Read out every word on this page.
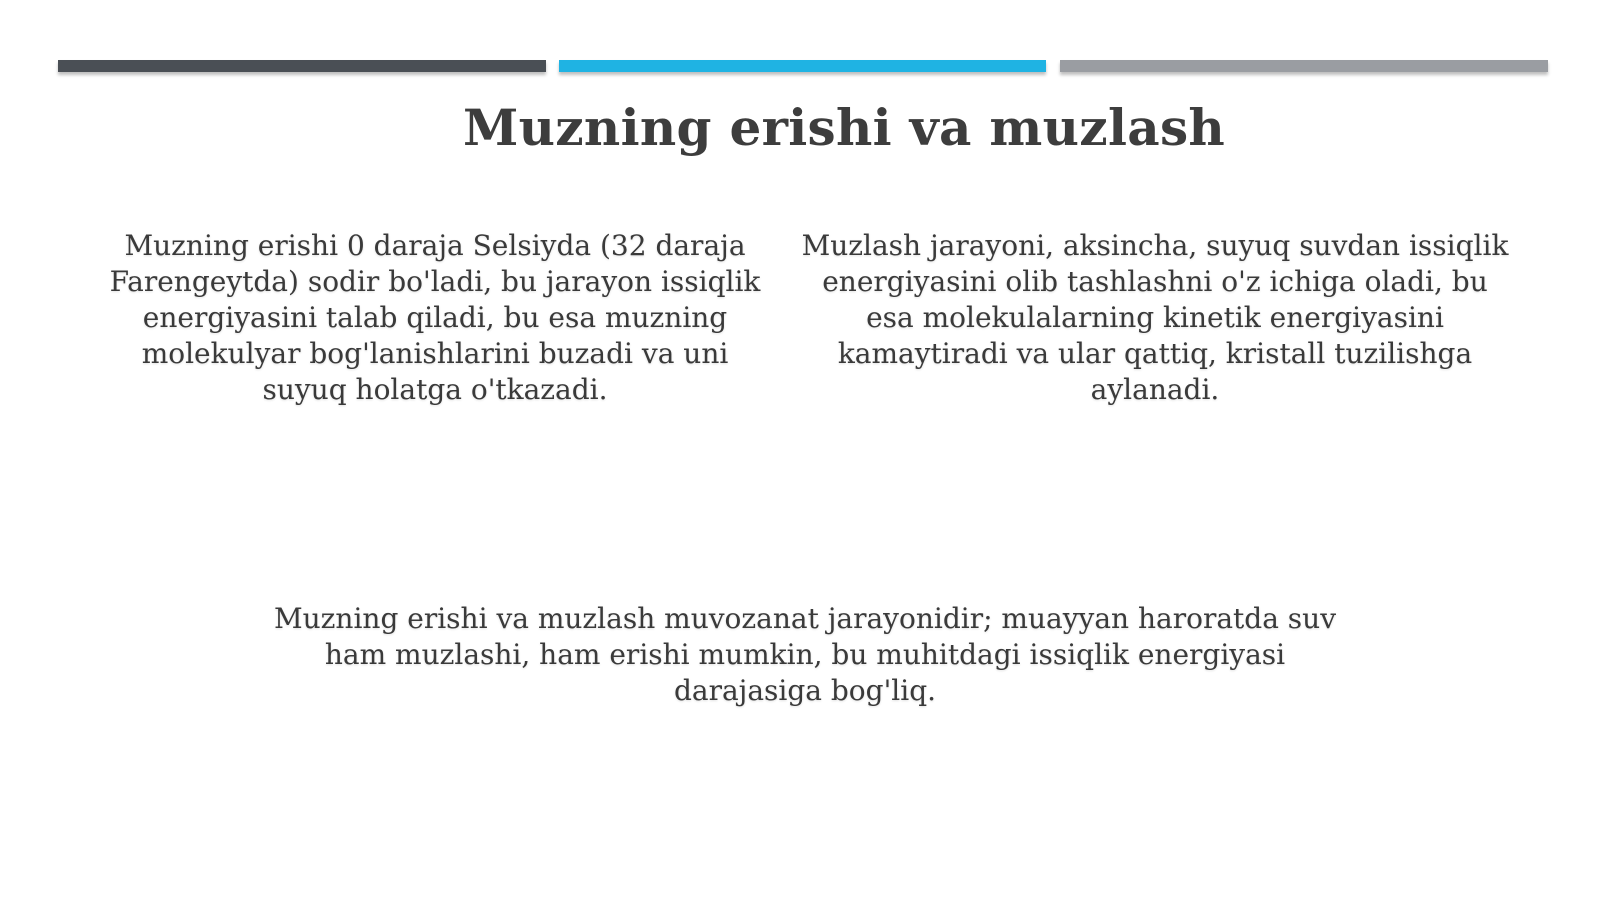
Muzning erishi va muzlash

Muzning erishi 0 daraja Selsiyda (32 daraja Farengeytda) sodir bo'ladi, bu jarayon issiqlik energiyasini talab qiladi, bu esa muzning molekulyar bog'lanishlarini buzadi va uni suyuq holatga o'tkazadi.

Muzlash jarayoni, aksincha, suyuq suvdan issiqlik energiyasini olib tashlashni o'z ichiga oladi, bu esa molekulalarning kinetik energiyasini kamaytiradi va ular qattiq, kristall tuzilishga aylanadi.

Muzning erishi va muzlash muvozanat jarayonidir; muayyan haroratda suv ham muzlashi, ham erishi mumkin, bu muhitdagi issiqlik energiyasi darajasiga bog'liq.
